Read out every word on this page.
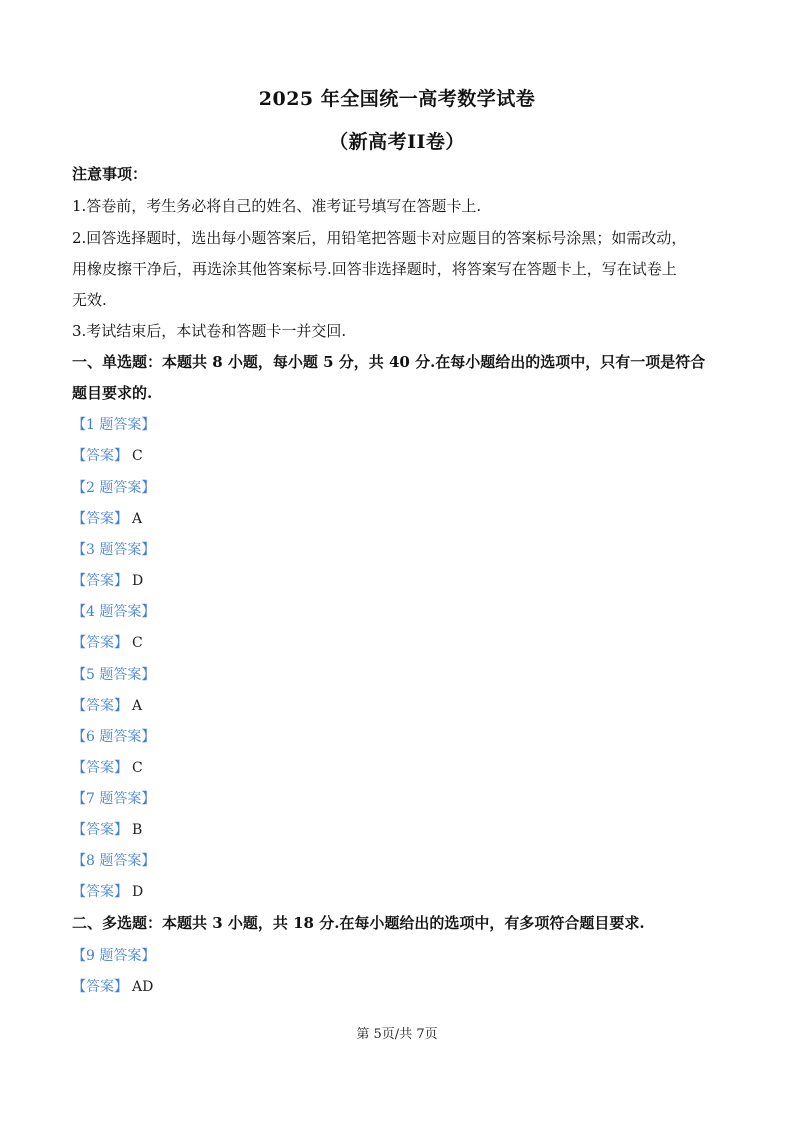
2025 年全国统一高考数学试卷
（新高考II卷）
注意事项：
1.答卷前，考生务必将自己的姓名、准考证号填写在答题卡上.
2.回答选择题时，选出每小题答案后，用铅笔把答题卡对应题目的答案标号涂黑；如需改动，
用橡皮擦干净后，再选涂其他答案标号.回答非选择题时，将答案写在答题卡上，写在试卷上
无效.
3.考试结束后，本试卷和答题卡一并交回.
一、单选题：本题共 8 小题，每小题 5 分，共 40 分.在每小题给出的选项中，只有一项是符合
题目要求的.
【1 题答案】
【答案】 C
【2 题答案】
【答案】 A
【3 题答案】
【答案】 D
【4 题答案】
【答案】 C
【5 题答案】
【答案】 A
【6 题答案】
【答案】 C
【7 题答案】
【答案】 B
【8 题答案】
【答案】 D
二、多选题：本题共 3 小题，共 18 分.在每小题给出的选项中，有多项符合题目要求.
【9 题答案】
【答案】 AD
第 5页/共 7页
